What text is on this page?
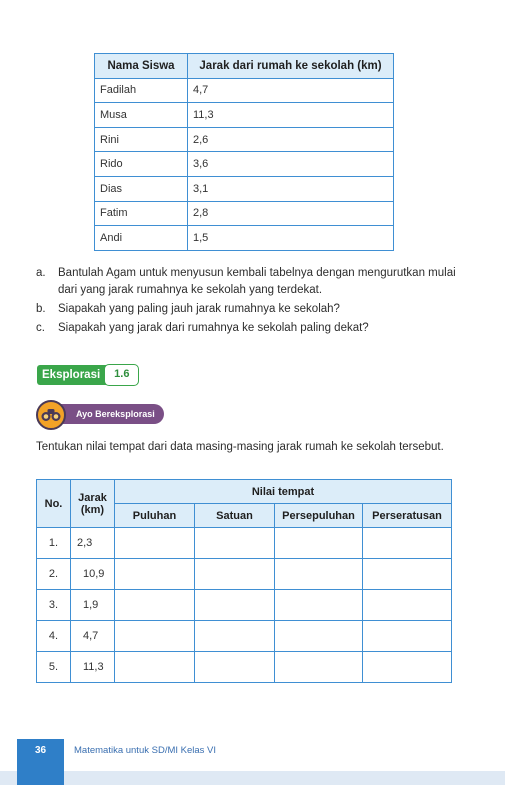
Nama Siswa	Jarak dari rumah ke sekolah (km)
Fadilah	4,7
Musa	11,3
Rini	2,6
Rido	3,6
Dias	3,1
Fatim	2,8
Andi	1,5
a.	Bantulah Agam untuk menyusun kembali tabelnya dengan mengurutkan mulai dari yang jarak rumahnya ke sekolah yang terdekat.
b.	Siapakah yang paling jauh jarak rumahnya ke sekolah?
c.	Siapakah yang jarak dari rumahnya ke sekolah paling dekat?
Eksplorasi	1.6
Ayo Bereksplorasi
Tentukan nilai tempat dari data masing-masing jarak rumah ke sekolah tersebut.
No.	Jarak (km)	Nilai tempat			
		Puluhan	Satuan	Persepuluhan	Perseratusan
1.	2,3				
2.	10,9				
3.	1,9				
4.	4,7				
5.	11,3				
36	Matematika untuk SD/MI Kelas VI
